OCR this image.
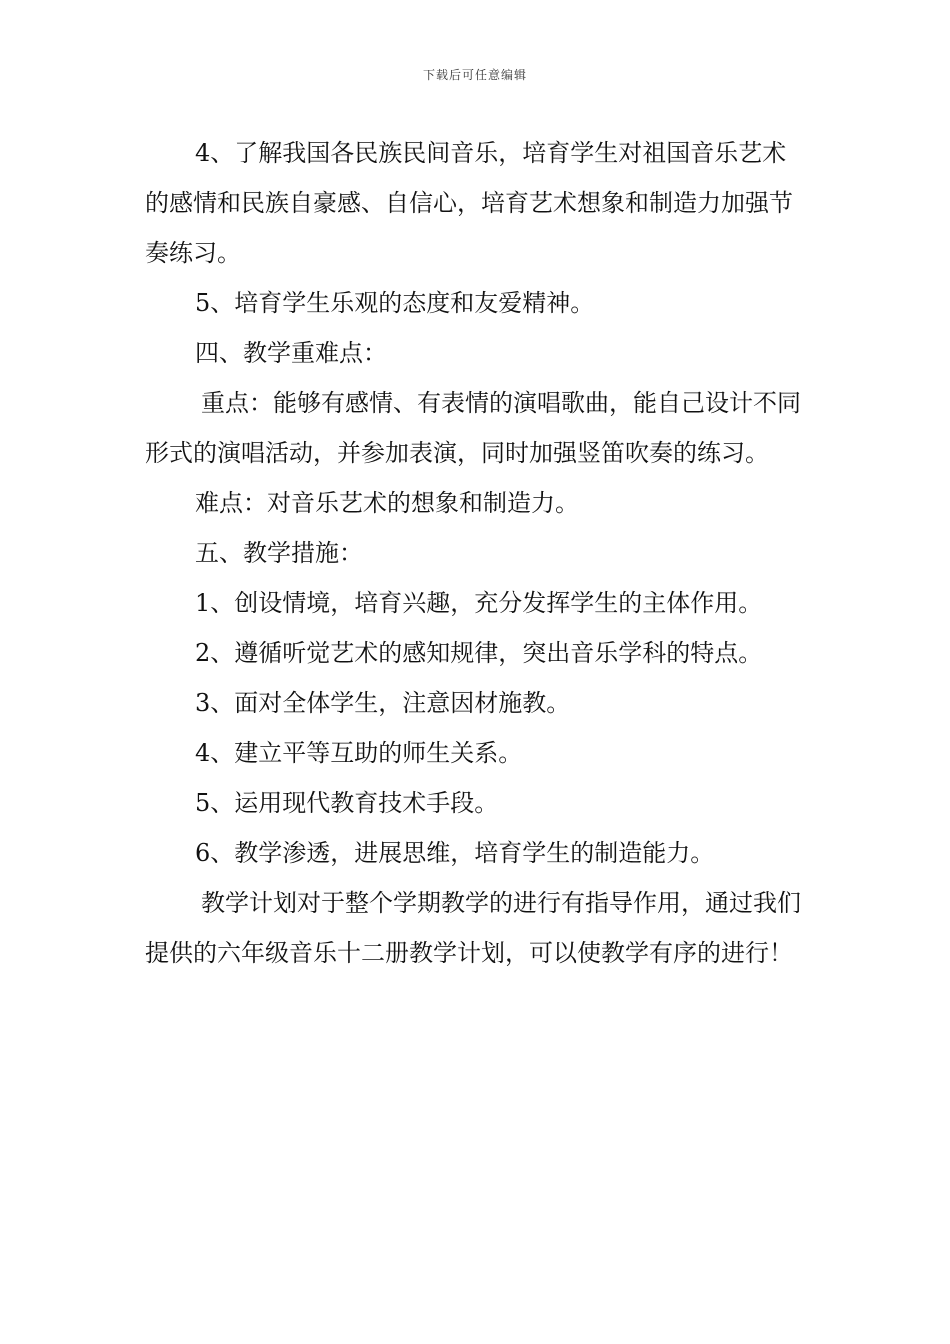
下载后可任意编辑

4、了解我国各民族民间音乐，培育学生对祖国音乐艺术的感情和民族自豪感、自信心，培育艺术想象和制造力加强节奏练习。

5、培育学生乐观的态度和友爱精神。

四、教学重难点：

重点：能够有感情、有表情的演唱歌曲，能自己设计不同形式的演唱活动，并参加表演，同时加强竖笛吹奏的练习。

难点：对音乐艺术的想象和制造力。

五、教学措施：

1、创设情境，培育兴趣，充分发挥学生的主体作用。

2、遵循听觉艺术的感知规律，突出音乐学科的特点。

3、面对全体学生，注意因材施教。

4、建立平等互助的师生关系。

5、运用现代教育技术手段。

6、教学渗透，进展思维，培育学生的制造能力。

教学计划对于整个学期教学的进行有指导作用，通过我们提供的六年级音乐十二册教学计划，可以使教学有序的进行！
